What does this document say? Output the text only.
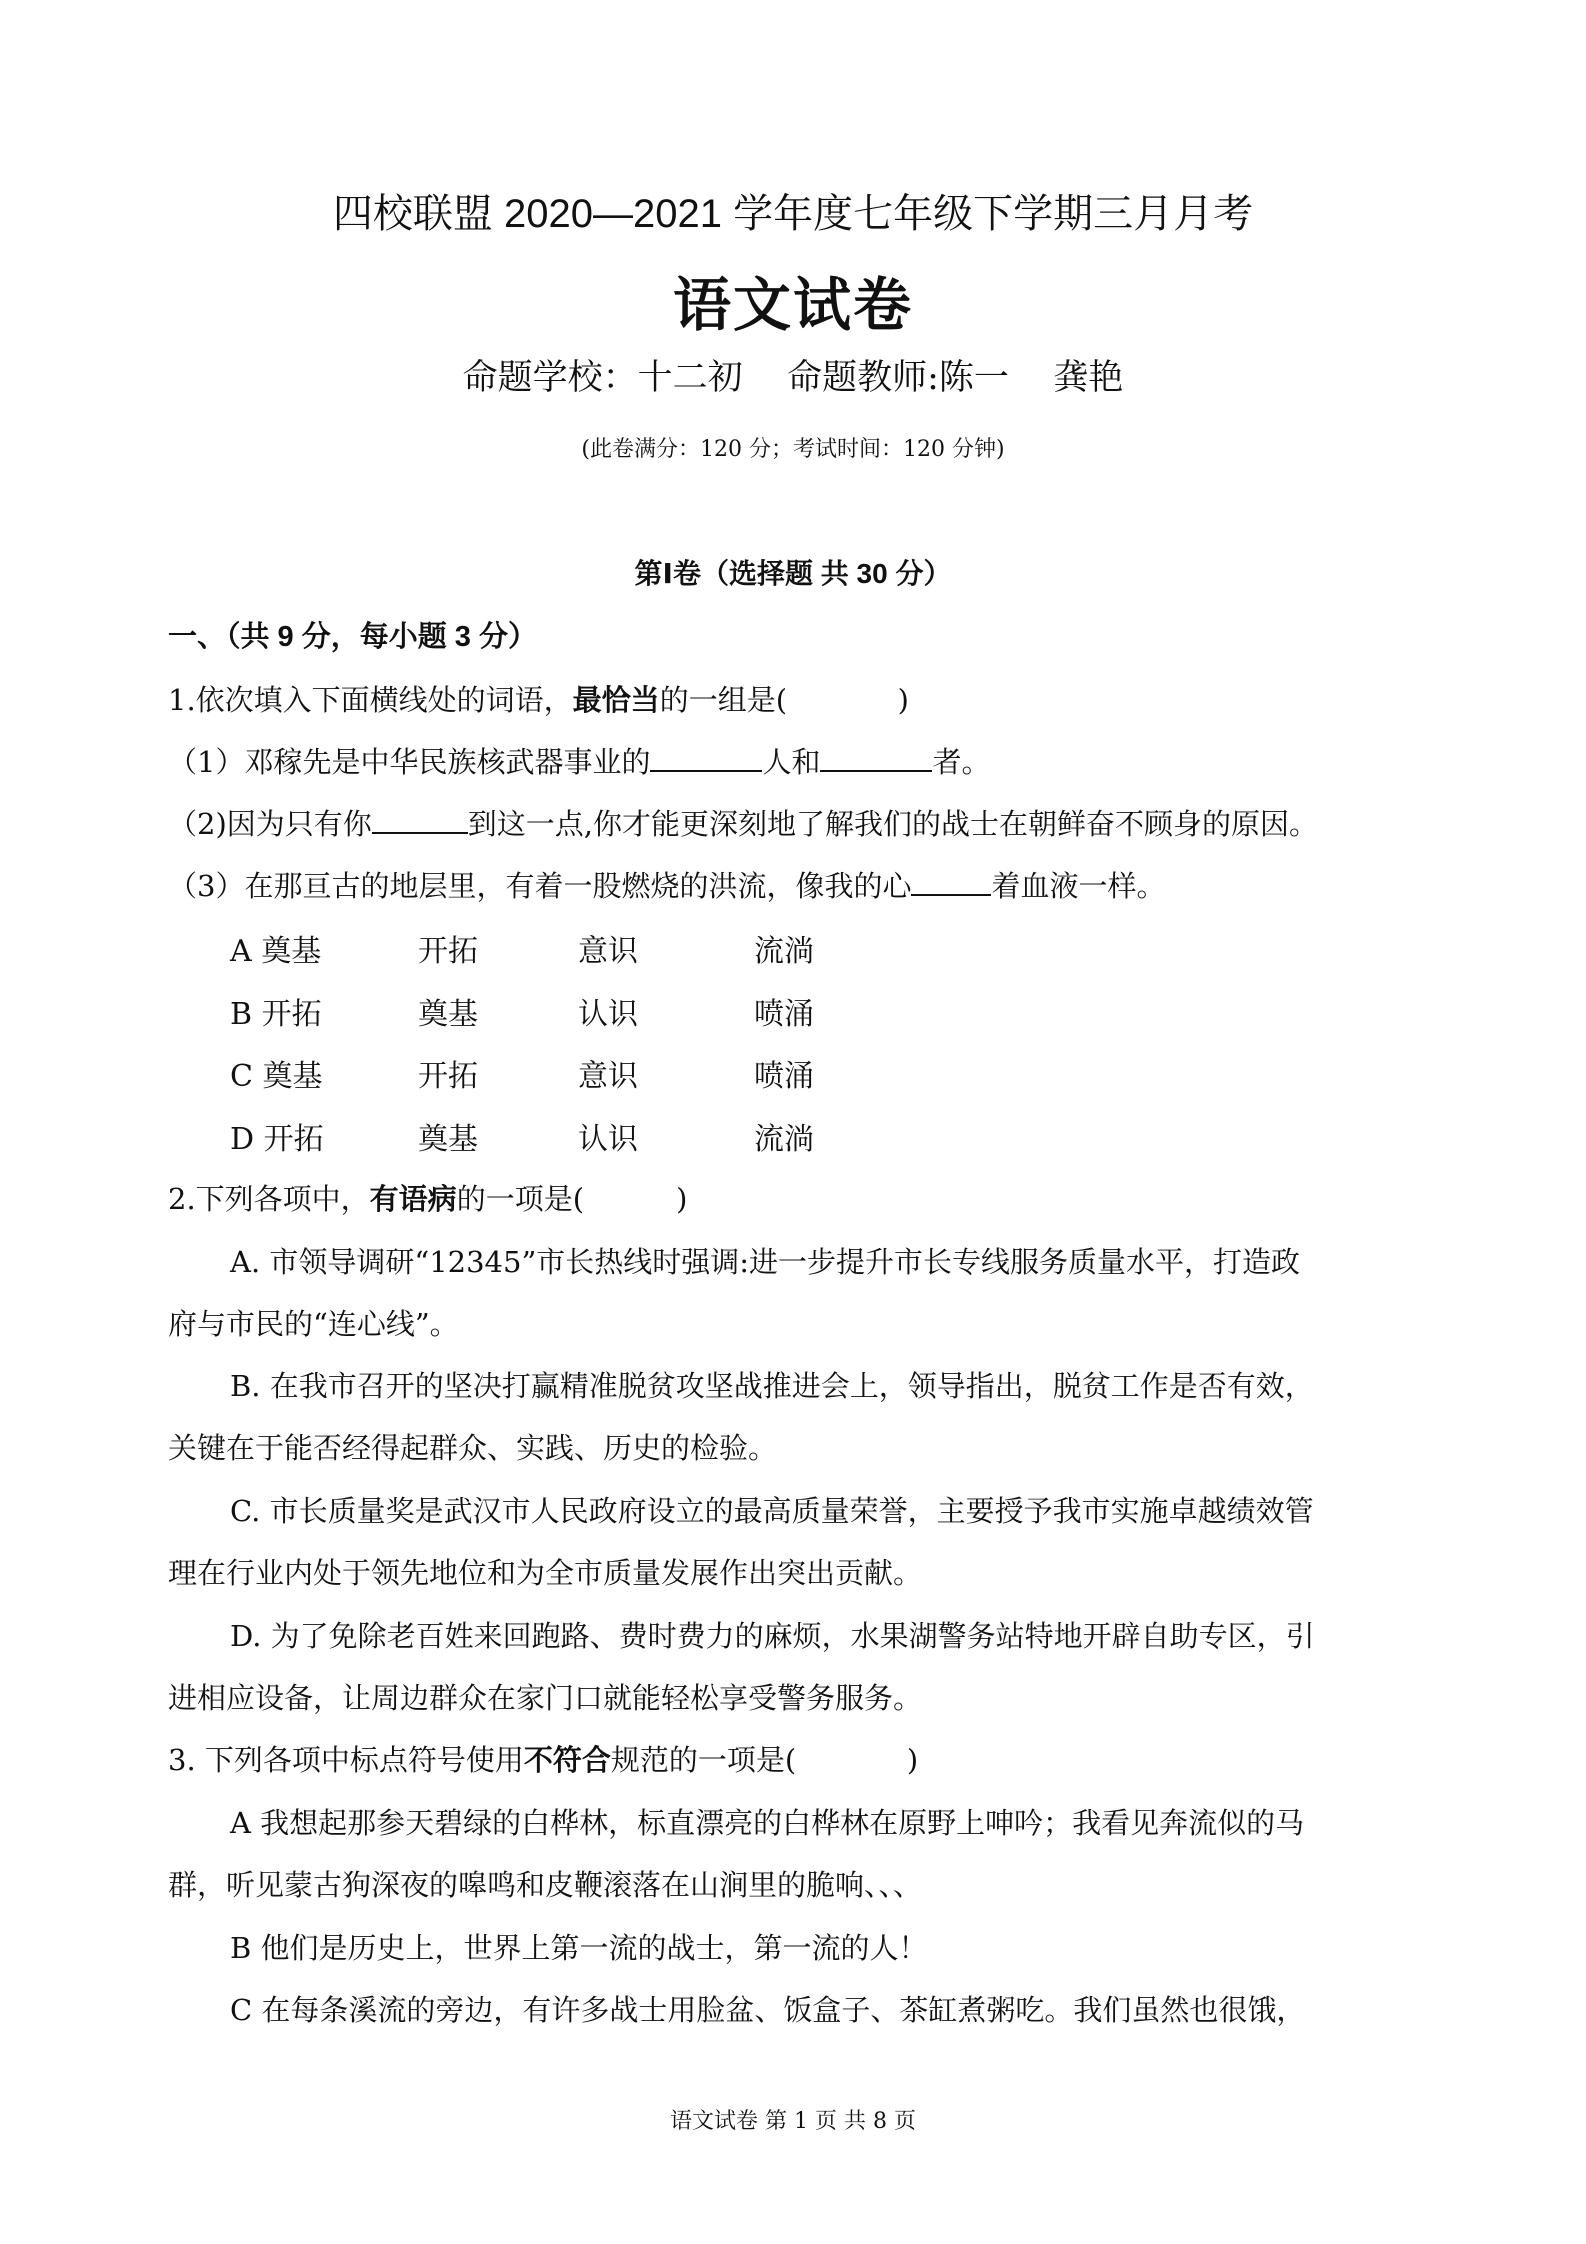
四校联盟 2020—2021 学年度七年级下学期三月月考
语文试卷
命题学校：十二初    命题教师:陈一    龚艳
(此卷满分：120 分；考试时间：120 分钟)
第Ⅰ卷（选择题 共 30 分）
一、（共 9 分，每小题 3 分）
1.依次填入下面横线处的词语，最恰当的一组是(            )
（1）邓稼先是中华民族核武器事业的	人和	者。
（2)因为只有你	到这一点,你才能更深刻地了解我们的战士在朝鲜奋不顾身的原因。
（3）在那亘古的地层里，有着一股燃烧的洪流，像我的心	着血液一样。
A 奠基	开拓	意识	流淌
B 开拓	奠基	认识	喷涌
C 奠基	开拓	意识	喷涌
D 开拓	奠基	认识	流淌
2.下列各项中，有语病的一项是(          )
A. 市领导调研“12345”市长热线时强调:进一步提升市长专线服务质量水平，打造政
府与市民的“连心线”。
B. 在我市召开的坚决打赢精准脱贫攻坚战推进会上，领导指出，脱贫工作是否有效，
关键在于能否经得起群众、实践、历史的检验。
C. 市长质量奖是武汉市人民政府设立的最高质量荣誉，主要授予我市实施卓越绩效管
理在行业内处于领先地位和为全市质量发展作出突出贡献。
D. 为了免除老百姓来回跑路、费时费力的麻烦，水果湖警务站特地开辟自助专区，引
进相应设备，让周边群众在家门口就能轻松享受警务服务。
3. 下列各项中标点符号使用不符合规范的一项是(            )
A 我想起那参天碧绿的白桦林，标直漂亮的白桦林在原野上呻吟；我看见奔流似的马
群，听见蒙古狗深夜的嗥鸣和皮鞭滚落在山涧里的脆响、、、
B 他们是历史上，世界上第一流的战士，第一流的人！
C 在每条溪流的旁边，有许多战士用脸盆、饭盒子、茶缸煮粥吃。我们虽然也很饿，
语文试卷 第 1 页 共 8 页
